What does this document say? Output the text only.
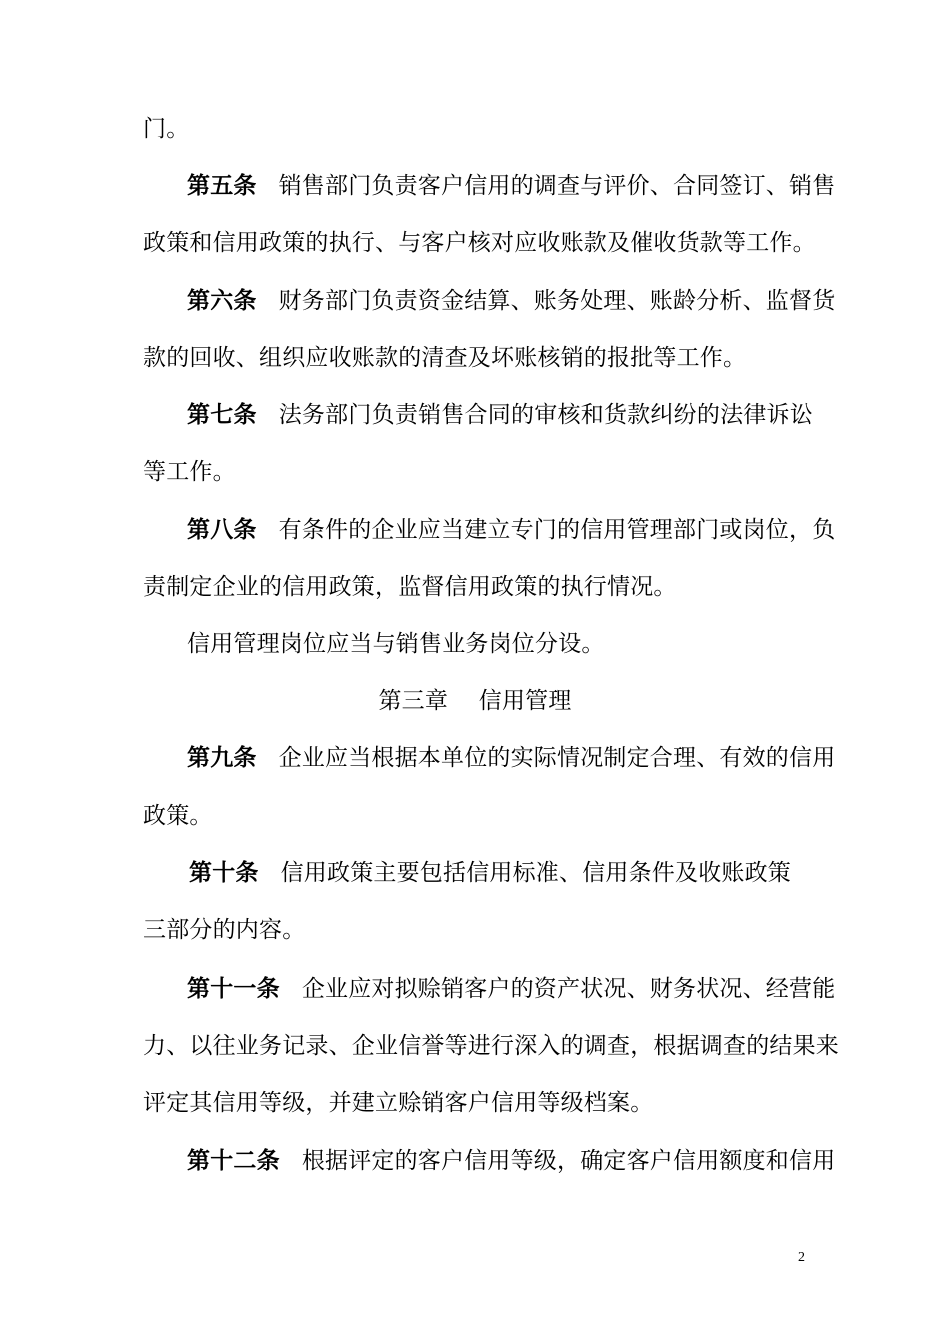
门。
第五条 销售部门负责客户信用的调查与评价、合同签订、销售
政策和信用政策的执行、与客户核对应收账款及催收货款等工作。
第六条 财务部门负责资金结算、账务处理、账龄分析、监督货
款的回收、组织应收账款的清查及坏账核销的报批等工作。
第七条 法务部门负责销售合同的审核和货款纠纷的法律诉讼
等工作。
第八条 有条件的企业应当建立专门的信用管理部门或岗位，负
责制定企业的信用政策，监督信用政策的执行情况。
信用管理岗位应当与销售业务岗位分设。
第三章　 信用管理
第九条 企业应当根据本单位的实际情况制定合理、有效的信用
政策。
第十条 信用政策主要包括信用标准、信用条件及收账政策
三部分的内容。
第十一条 企业应对拟赊销客户的资产状况、财务状况、经营能
力、以往业务记录、企业信誉等进行深入的调查，根据调查的结果来
评定其信用等级，并建立赊销客户信用等级档案。
第十二条 根据评定的客户信用等级，确定客户信用额度和信用
2
